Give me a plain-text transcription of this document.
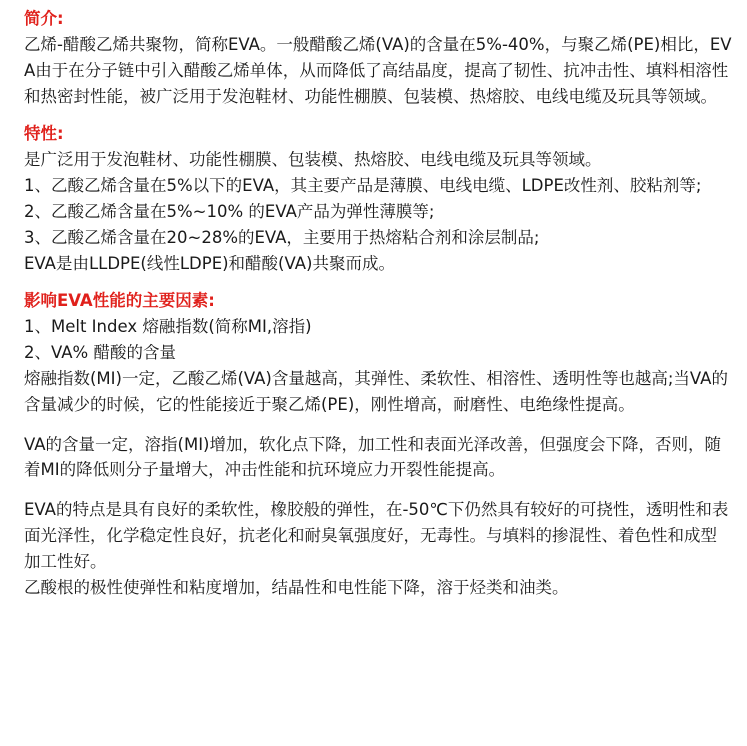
简介:

乙烯-醋酸乙烯共聚物，简称EVA。一般醋酸乙烯(VA)的含量在5%-40%，与聚乙烯(PE)相比，EVA由于在分子链中引入醋酸乙烯单体，从而降低了高结晶度，提高了韧性、抗冲击性、填料相溶性和热密封性能，被广泛用于发泡鞋材、功能性棚膜、包装模、热熔胶、电线电缆及玩具等领域。

特性:

是广泛用于发泡鞋材、功能性棚膜、包装模、热熔胶、电线电缆及玩具等领域。

1、乙酸乙烯含量在5%以下的EVA，其主要产品是薄膜、电线电缆、LDPE改性剂、胶粘剂等;

2、乙酸乙烯含量在5%~10% 的EVA产品为弹性薄膜等;

3、乙酸乙烯含量在20~28%的EVA，主要用于热熔粘合剂和涂层制品;

EVA是由LLDPE(线性LDPE)和醋酸(VA)共聚而成。

影响EVA性能的主要因素:

1、Melt Index 熔融指数(简称MI,溶指)

2、VA% 醋酸的含量

熔融指数(MI)一定，乙酸乙烯(VA)含量越高，其弹性、柔软性、相溶性、透明性等也越高;当VA的含量减少的时候，它的性能接近于聚乙烯(PE)，刚性增高，耐磨性、电绝缘性提高。

VA的含量一定，溶指(MI)增加，软化点下降，加工性和表面光泽改善，但强度会下降，否则，随着MI的降低则分子量增大，冲击性能和抗环境应力开裂性能提高。

EVA的特点是具有良好的柔软性，橡胶般的弹性，在-50℃下仍然具有较好的可挠性，透明性和表面光泽性，化学稳定性良好，抗老化和耐臭氧强度好，无毒性。与填料的掺混性、着色性和成型加工性好。

乙酸根的极性使弹性和粘度增加，结晶性和电性能下降，溶于烃类和油类。
